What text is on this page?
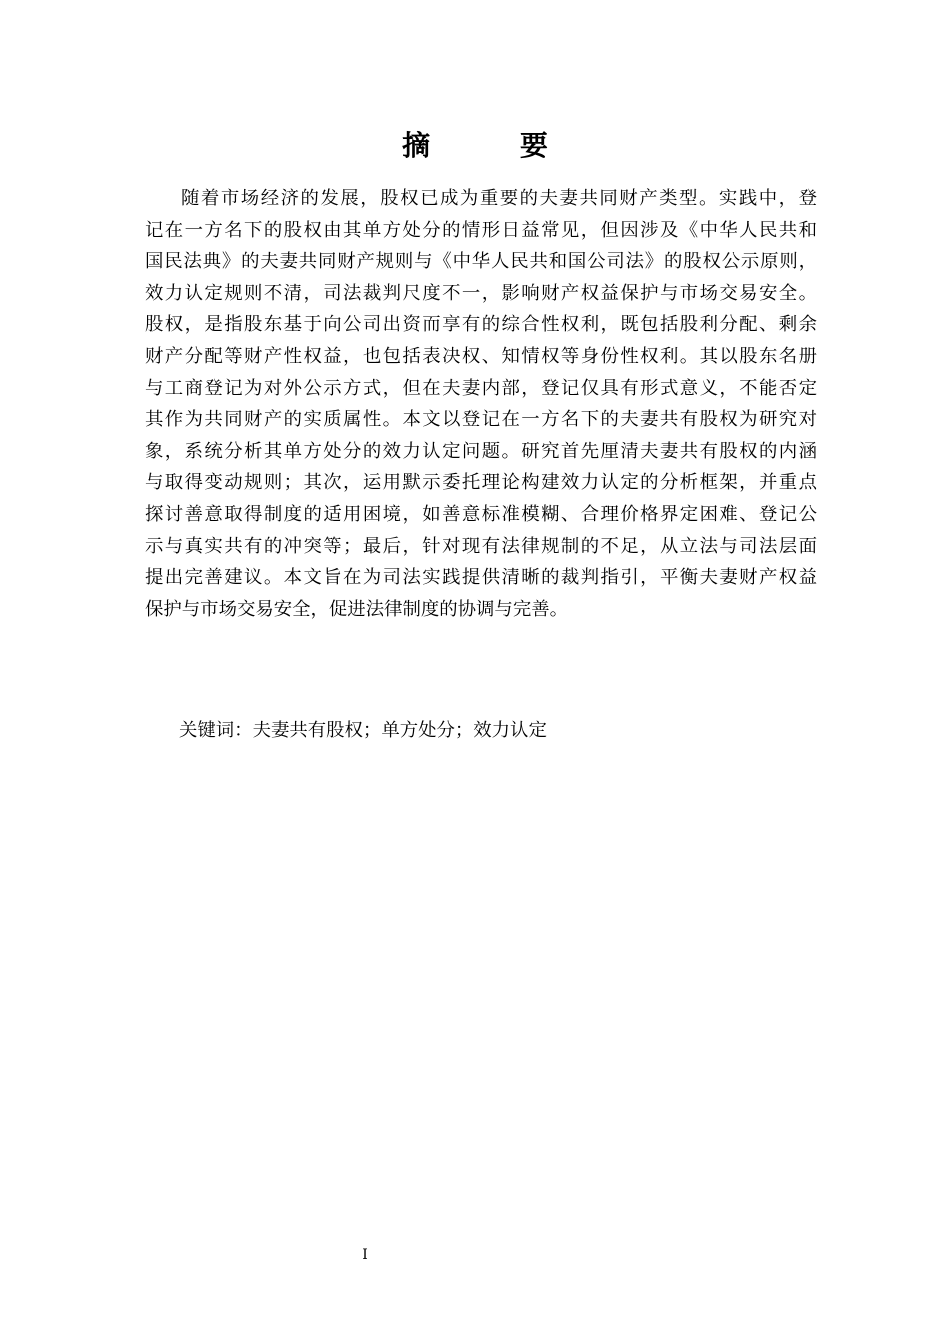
摘 要
随着市场经济的发展，股权已成为重要的夫妻共同财产类型。实践中，登
记在一方名下的股权由其单方处分的情形日益常见，但因涉及《中华人民共和
国民法典》的夫妻共同财产规则与《中华人民共和国公司法》的股权公示原则，
效力认定规则不清，司法裁判尺度不一，影响财产权益保护与市场交易安全。
股权，是指股东基于向公司出资而享有的综合性权利，既包括股利分配、剩余
财产分配等财产性权益，也包括表决权、知情权等身份性权利。其以股东名册
与工商登记为对外公示方式，但在夫妻内部，登记仅具有形式意义，不能否定
其作为共同财产的实质属性。本文以登记在一方名下的夫妻共有股权为研究对
象，系统分析其单方处分的效力认定问题。研究首先厘清夫妻共有股权的内涵
与取得变动规则；其次，运用默示委托理论构建效力认定的分析框架，并重点
探讨善意取得制度的适用困境，如善意标准模糊、合理价格界定困难、登记公
示与真实共有的冲突等；最后，针对现有法律规制的不足，从立法与司法层面
提出完善建议。本文旨在为司法实践提供清晰的裁判指引，平衡夫妻财产权益
保护与市场交易安全，促进法律制度的协调与完善。
关键词：夫妻共有股权；单方处分；效力认定
I
